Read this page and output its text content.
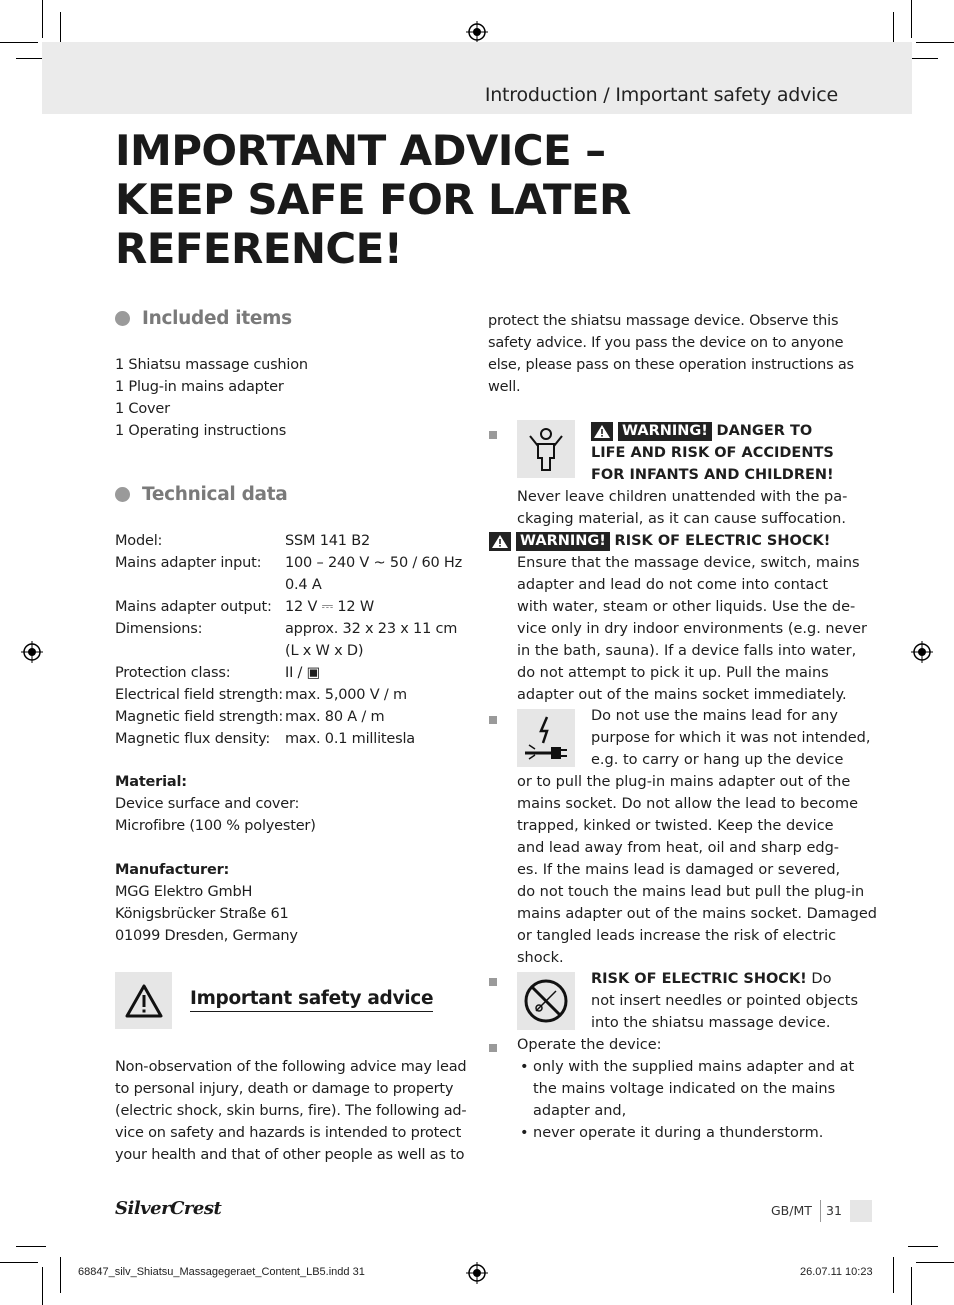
Introduction / Important safety advice
IMPORTANT ADVICE –
KEEP SAFE FOR LATER
REFERENCE!
Included items
1 Shiatsu massage cushion
1 Plug-in mains adapter
1 Cover
1 Operating instructions
Technical data
Model:	SSM 141 B2
Mains adapter input:	100 – 240 V ~ 50 / 60 Hz
0.4 A
Mains adapter output: 12 V ⎓ 12 W
Dimensions:	approx. 32 x 23 x 11 cm
(L x W x D)
Protection class:	II / ▣
Electrical field strength: max. 5,000 V / m
Magnetic field strength: max. 80 A / m
Magnetic flux density:	max. 0.1 millitesla
Material:
Device surface and cover:
Microfibre (100 % polyester)
Manufacturer:
MGG Elektro GmbH
Königsbrücker Straße 61
01099 Dresden, Germany
Important safety advice
Non-observation of the following advice may lead
to personal injury, death or damage to property
(electric shock, skin burns, fire). The following ad-
vice on safety and hazards is intended to protect
your health and that of other people as well as to
protect the shiatsu massage device. Observe this
safety advice. If you pass the device on to anyone
else, please pass on these operation instructions as
well.
WARNING! DANGER TO
LIFE AND RISK OF ACCIDENTS
FOR INFANTS AND CHILDREN!
Never leave children unattended with the pa-
ckaging material, as it can cause suffocation.
WARNING! RISK OF ELECTRIC SHOCK!
Ensure that the massage device, switch, mains
adapter and lead do not come into contact
with water, steam or other liquids. Use the de-
vice only in dry indoor environments (e.g. never
in the bath, sauna). If a device falls into water,
do not attempt to pick it up. Pull the mains
adapter out of the mains socket immediately.
Do not use the mains lead for any
purpose for which it was not intended,
e.g. to carry or hang up the device
or to pull the plug-in mains adapter out of the
mains socket. Do not allow the lead to become
trapped, kinked or twisted. Keep the device
and lead away from heat, oil and sharp edg-
es. If the mains lead is damaged or severed,
do not touch the mains lead but pull the plug-in
mains adapter out of the mains socket. Damaged
or tangled leads increase the risk of electric
shock.
RISK OF ELECTRIC SHOCK! Do
not insert needles or pointed objects
into the shiatsu massage device.
Operate the device:
• only with the supplied mains adapter and at
the mains voltage indicated on the mains
adapter and,
• never operate it during a thunderstorm.
SilverCrest	GB/MT 31
68847_silv_Shiatsu_Massagegeraet_Content_LB5.indd 31	26.07.11 10:23
